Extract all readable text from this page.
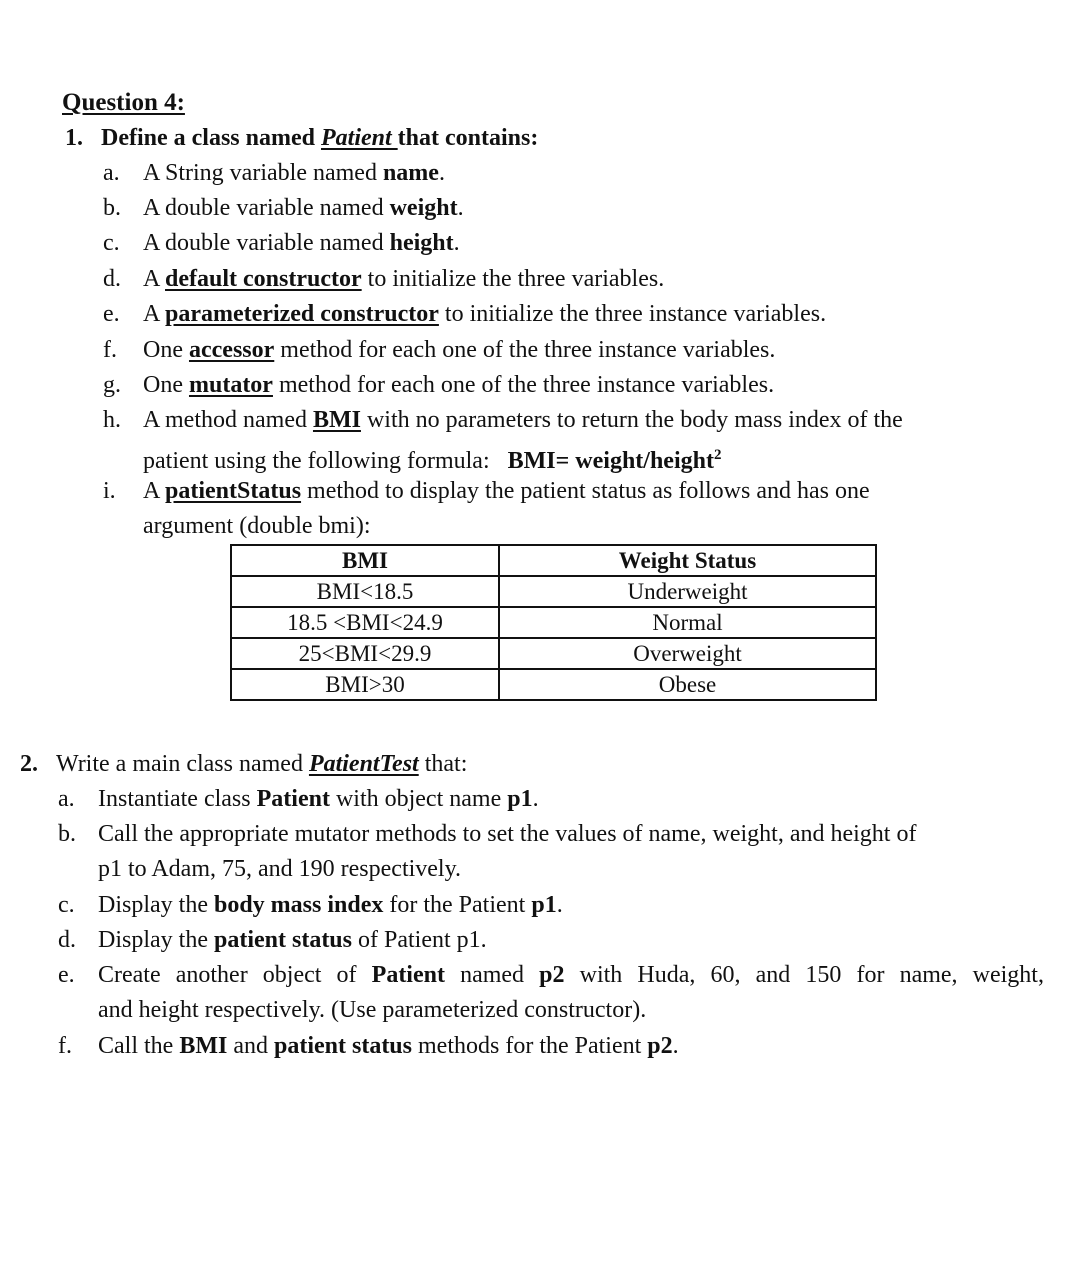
Question 4:
1. Define a class named Patient that contains:
a. A String variable named name.
b. A double variable named weight.
c. A double variable named height.
d. A default constructor to initialize the three variables.
e. A parameterized constructor to initialize the three instance variables.
f. One accessor method for each one of the three instance variables.
g. One mutator method for each one of the three instance variables.
h. A method named BMI with no parameters to return the body mass index of the
patient using the following formula: BMI= weight/height$^2$
i. A patientStatus method to display the patient status as follows and has one
argument (double bmi):
BMI	Weight Status
BMI<18.5	Underweight
18.5 <BMI<24.9	Normal
25<BMI<29.9	Overweight
BMI>30	Obese
2. Write a main class named PatientTest that:
a. Instantiate class Patient with object name p1.
b. Call the appropriate mutator methods to set the values of name, weight, and height of
p1 to Adam, 75, and 190 respectively.
c. Display the body mass index for the Patient p1.
d. Display the patient status of Patient p1.
e. Create another object of Patient named p2 with Huda, 60, and 150 for name, weight,
and height respectively. (Use parameterized constructor).
f. Call the BMI and patient status methods for the Patient p2.
